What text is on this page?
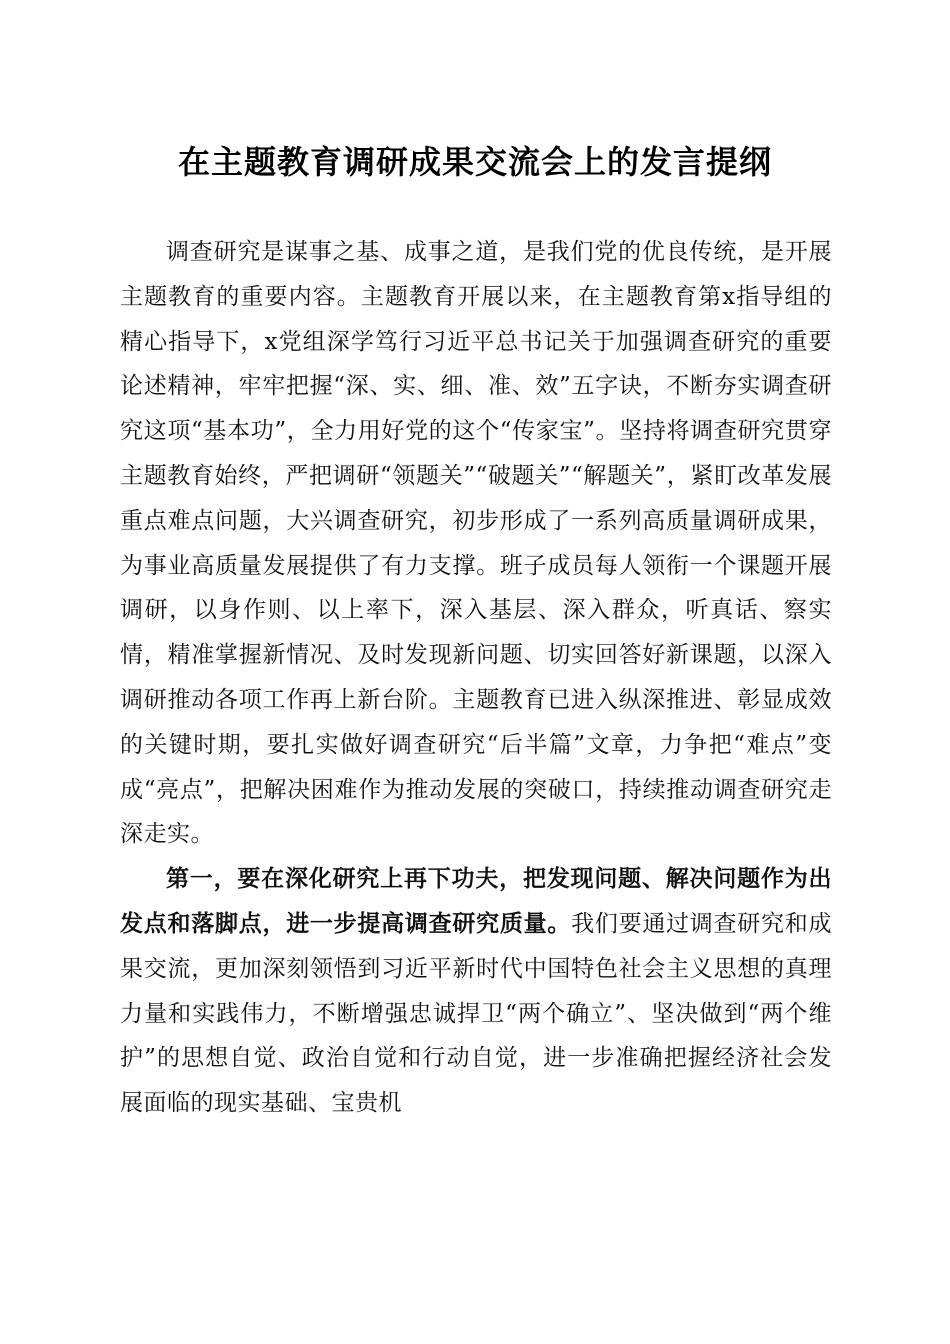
在主题教育调研成果交流会上的发言提纲

调查研究是谋事之基、成事之道，是我们党的优良传统，是开展主题教育的重要内容。主题教育开展以来，在主题教育第x指导组的精心指导下，x党组深学笃行习近平总书记关于加强调查研究的重要论述精神，牢牢把握“深、实、细、准、效”五字诀，不断夯实调查研究这项“基本功”，全力用好党的这个“传家宝”。坚持将调查研究贯穿主题教育始终，严把调研“领题关”“破题关”“解题关”，紧盯改革发展重点难点问题，大兴调查研究，初步形成了一系列高质量调研成果，为事业高质量发展提供了有力支撑。班子成员每人领衔一个课题开展调研，以身作则、以上率下，深入基层、深入群众，听真话、察实情，精准掌握新情况、及时发现新问题、切实回答好新课题，以深入调研推动各项工作再上新台阶。主题教育已进入纵深推进、彰显成效的关键时期，要扎实做好调查研究“后半篇”文章，力争把“难点”变成“亮点”，把解决困难作为推动发展的突破口，持续推动调查研究走深走实。

第一，要在深化研究上再下功夫，把发现问题、解决问题作为出发点和落脚点，进一步提高调查研究质量。我们要通过调查研究和成果交流，更加深刻领悟到习近平新时代中国特色社会主义思想的真理力量和实践伟力，不断增强忠诚捍卫“两个确立”、坚决做到“两个维护”的思想自觉、政治自觉和行动自觉，进一步准确把握经济社会发展面临的现实基础、宝贵机
